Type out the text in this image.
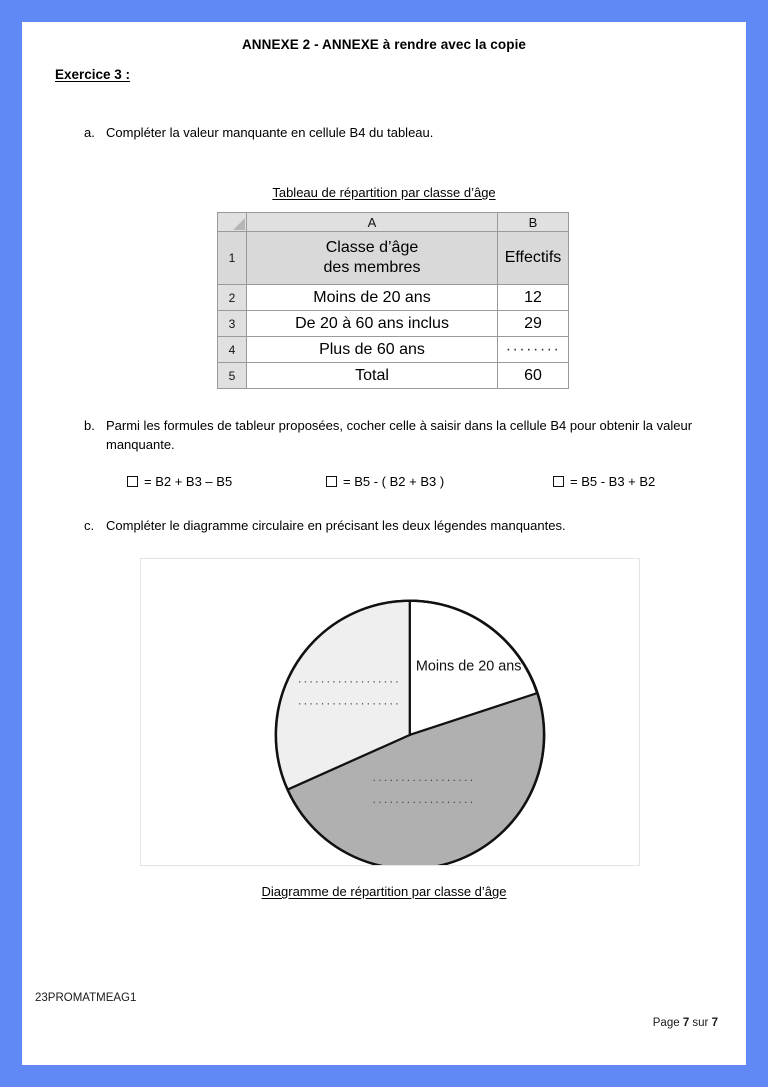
ANNEXE 2 - ANNEXE à rendre avec la copie
Exercice 3 :
a. Compléter la valeur manquante en cellule B4 du tableau.
Tableau de répartition par classe d’âge
	A	B
1	Classe d’âge
des membres	Effectifs
2	Moins de 20 ans	12
3	De 20 à 60 ans inclus	29
4	Plus de 60 ans	········
5	Total	60
b. Parmi les formules de tableur proposées, cocher celle à saisir dans la cellule B4 pour obtenir la valeur manquante.
= B2 + B3 – B5	= B5 - ( B2 + B3 )	= B5 - B3 + B2
c. Compléter le diagramme circulaire en précisant les deux légendes manquantes.
Moins de 20 ans
··················
··················
··················
··················
Diagramme de répartition par classe d’âge
23PROMATMEAG1
Page 7 sur 7
